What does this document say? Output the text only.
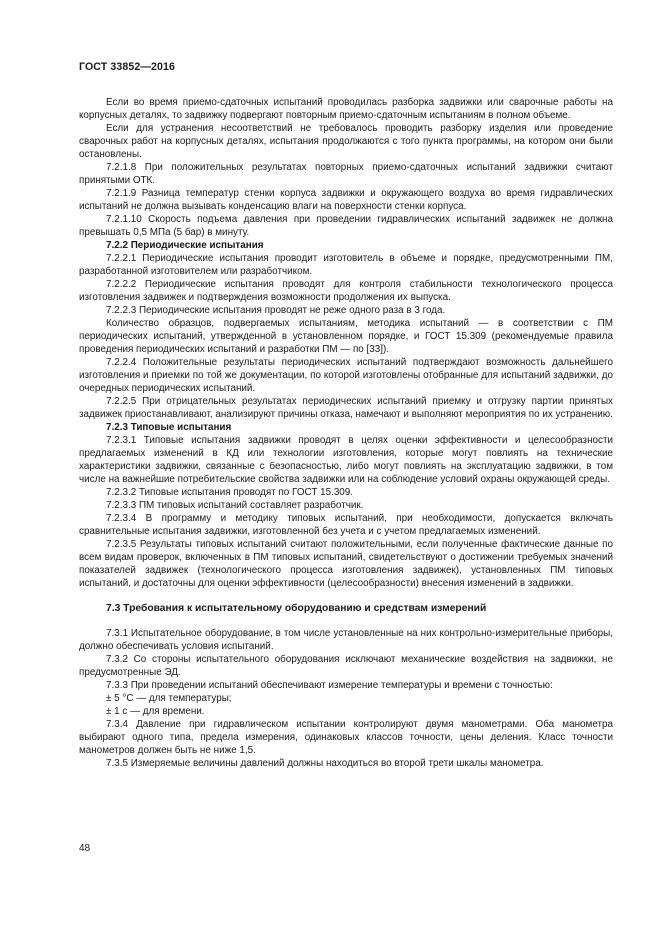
ГОСТ 33852—2016

Если во время приемо-сдаточных испытаний проводилась разборка задвижки или сварочные работы на корпусных деталях, то задвижку подвергают повторным приемо-сдаточным испытаниям в полном объеме.

Если для устранения несоответствий не требовалось проводить разборку изделия или проведение сварочных работ на корпусных деталях, испытания продолжаются с того пункта программы, на котором они были остановлены.

7.2.1.8 При положительных результатах повторных приемо-сдаточных испытаний задвижки считают принятыми ОТК.

7.2.1.9 Разница температур стенки корпуса задвижки и окружающего воздуха во время гидравлических испытаний не должна вызывать конденсацию влаги на поверхности стенки корпуса.

7.2.1.10 Скорость подъема давления при проведении гидравлических испытаний задвижек не должна превышать 0,5 МПа (5 бар) в минуту.

7.2.2 Периодические испытания

7.2.2.1 Периодические испытания проводит изготовитель в объеме и порядке, предусмотренными ПМ, разработанной изготовителем или разработчиком.

7.2.2.2 Периодические испытания проводят для контроля стабильности технологического процесса изготовления задвижек и подтверждения возможности продолжения их выпуска.

7.2.2.3 Периодические испытания проводят не реже одного раза в 3 года.

Количество образцов, подвергаемых испытаниям, методика испытаний — в соответствии с ПМ периодических испытаний, утвержденной в установленном порядке, и ГОСТ 15.309 (рекомендуемые правила проведения периодических испытаний и разработки ПМ — по [33]).

7.2.2.4 Положительные результаты периодических испытаний подтверждают возможность дальнейшего изготовления и приемки по той же документации, по которой изготовлены отобранные для испытаний задвижки, до очередных периодических испытаний.

7.2.2.5 При отрицательных результатах периодических испытаний приемку и отгрузку партии принятых задвижек приостанавливают, анализируют причины отказа, намечают и выполняют мероприятия по их устранению.

7.2.3 Типовые испытания

7.2.3.1 Типовые испытания задвижки проводят в целях оценки эффективности и целесообразности предлагаемых изменений в КД или технологии изготовления, которые могут повлиять на технические характеристики задвижки, связанные с безопасностью, либо могут повлиять на эксплуатацию задвижки, в том числе на важнейшие потребительские свойства задвижки или на соблюдение условий охраны окружающей среды.

7.2.3.2 Типовые испытания проводят по ГОСТ 15.309.

7.2.3.3 ПМ типовых испытаний составляет разработчик.

7.2.3.4 В программу и методику типовых испытаний, при необходимости, допускается включать сравнительные испытания задвижки, изготовленной без учета и с учетом предлагаемых изменений.

7.2.3.5 Результаты типовых испытаний считают положительными, если полученные фактические данные по всем видам проверок, включенных в ПМ типовых испытаний, свидетельствуют о достижении требуемых значений показателей задвижек (технологического процесса изготовления задвижек), установленных ПМ типовых испытаний, и достаточны для оценки эффективности (целесообразности) внесения изменений в задвижки.

7.3 Требования к испытательному оборудованию и средствам измерений

7.3.1 Испытательное оборудование, в том числе установленные на них контрольно-измерительные приборы, должно обеспечивать условия испытаний.

7.3.2 Со стороны испытательного оборудования исключают механические воздействия на задвижки, не предусмотренные ЭД.

7.3.3 При проведении испытаний обеспечивают измерение температуры и времени с точностью:

± 5 °С — для температуры;

± 1 с — для времени.

7.3.4 Давление при гидравлическом испытании контролируют двумя манометрами. Оба манометра выбирают одного типа, предела измерения, одинаковых классов точности, цены деления. Класс точности манометров должен быть не ниже 1,5.

7.3.5 Измеряемые величины давлений должны находиться во второй трети шкалы манометра.

48
